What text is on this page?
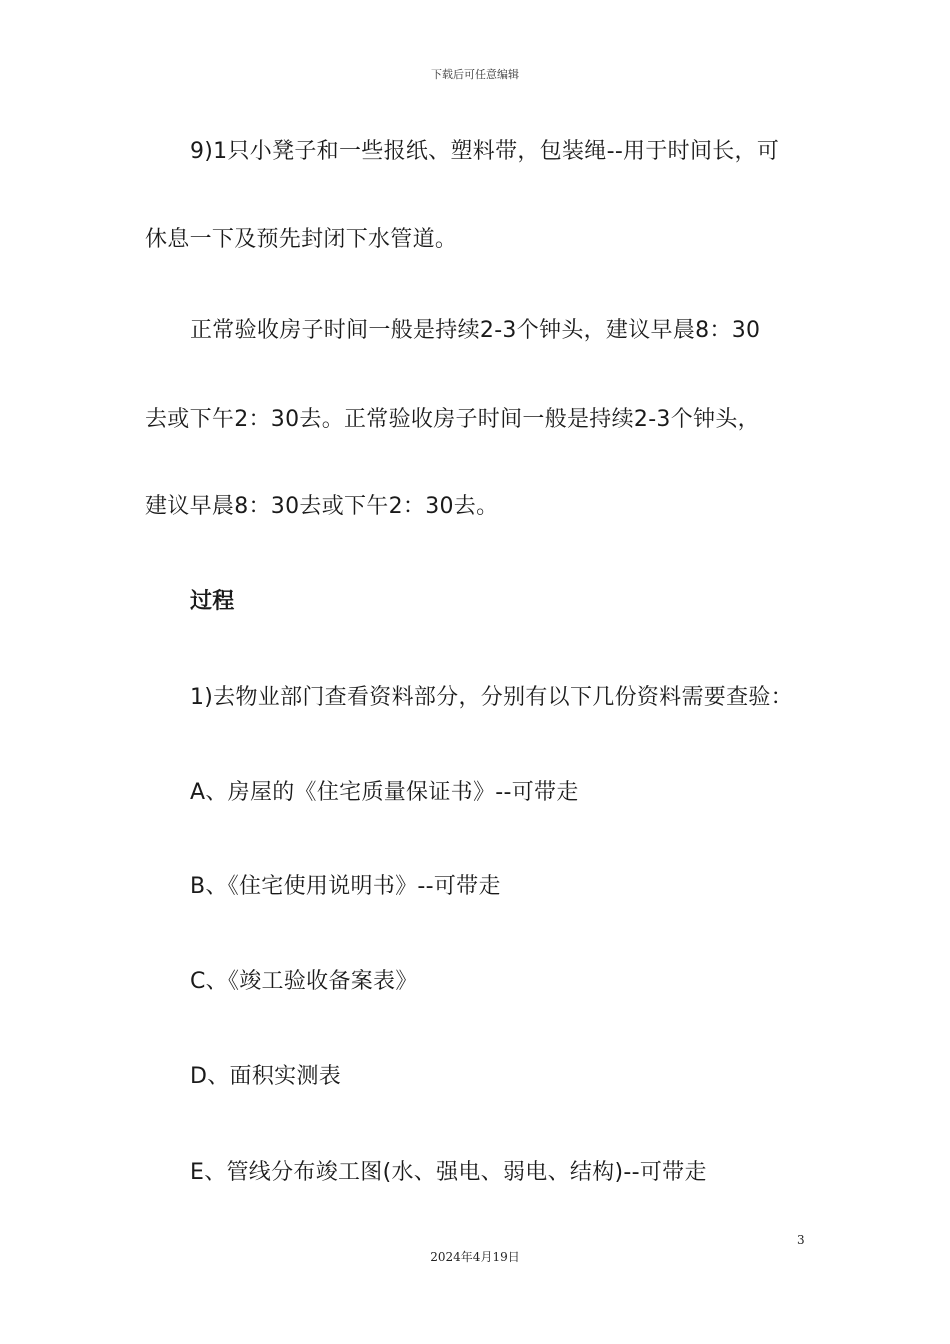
下载后可任意编辑
9)1只小凳子和一些报纸、塑料带，包装绳--用于时间长，可
休息一下及预先封闭下水管道。
正常验收房子时间一般是持续2-3个钟头，建议早晨8：30
去或下午2：30去。正常验收房子时间一般是持续2-3个钟头，
建议早晨8：30去或下午2：30去。
过程
1)去物业部门查看资料部分，分别有以下几份资料需要查验：
A、房屋的《住宅质量保证书》--可带走
B、《住宅使用说明书》--可带走
C、《竣工验收备案表》
D、面积实测表
E、管线分布竣工图(水、强电、弱电、结构)--可带走
3
2024年4月19日
